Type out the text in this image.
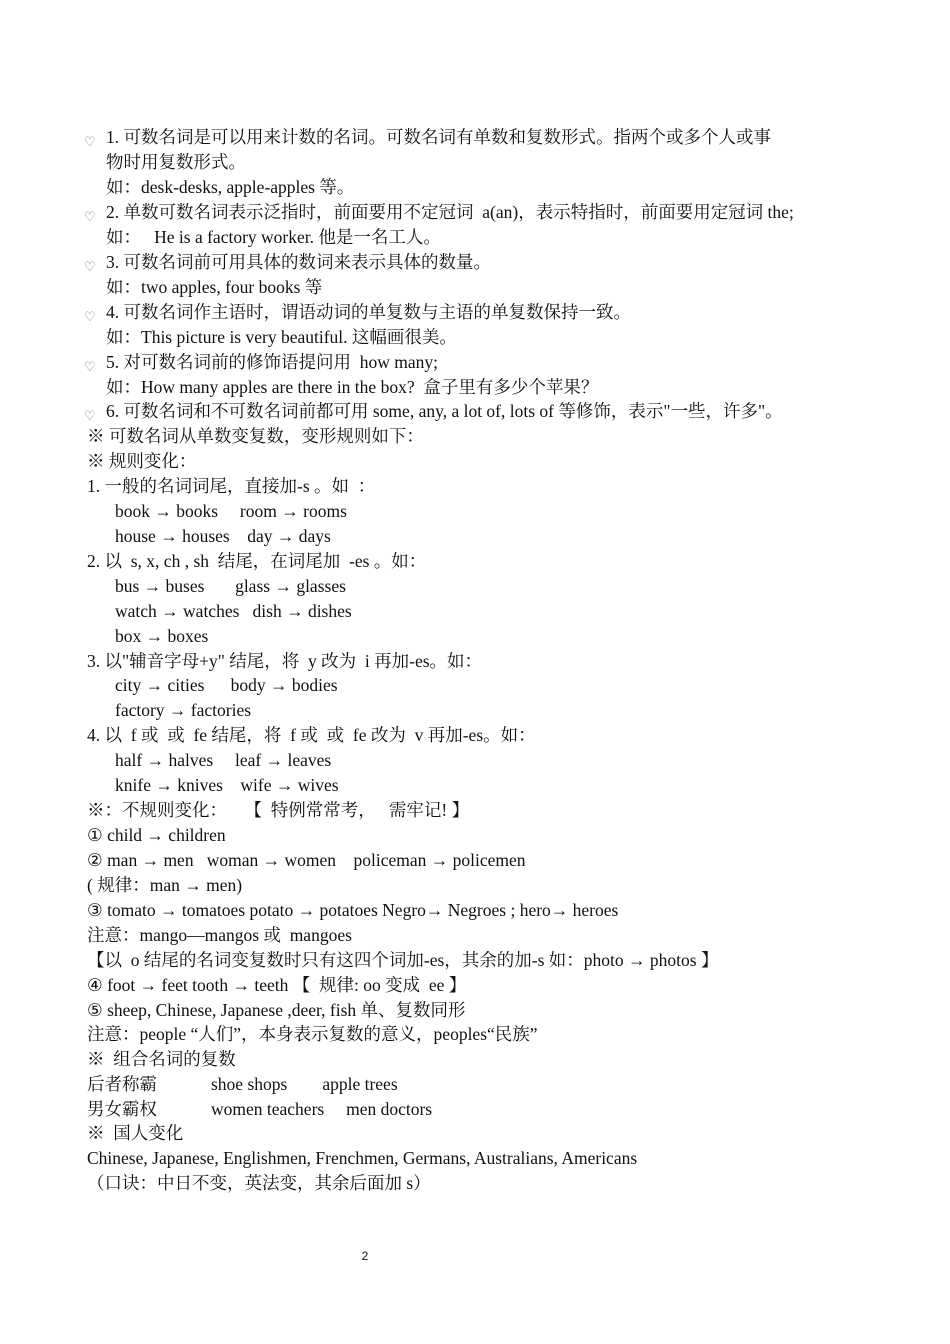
♡ 1. 可数名词是可以用来计数的名词。可数名词有单数和复数形式。指两个或多个人或事
物时用复数形式。
如：desk-desks, apple-apples 等。
♡ 2. 单数可数名词表示泛指时，前面要用不定冠词  a(an)，表示特指时，前面要用定冠词 the;
如：   He is a factory worker. 他是一名工人。
♡ 3. 可数名词前可用具体的数词来表示具体的数量。
如：two apples, four books 等
♡ 4. 可数名词作主语时，谓语动词的单复数与主语的单复数保持一致。
如：This picture is very beautiful. 这幅画很美。
♡ 5. 对可数名词前的修饰语提问用  how many;
如：How many apples are there in the box?  盒子里有多少个苹果？
♡ 6. 可数名词和不可数名词前都可用 some, any, a lot of, lots of 等修饰，表示"一些，许多"。
※ 可数名词从单数变复数，变形规则如下：
※ 规则变化：
1. 一般的名词词尾，直接加-s 。如  ：
book → books     room → rooms
house → houses    day → days
2. 以  s, x, ch , sh  结尾，在词尾加  -es 。如：
bus → buses       glass → glasses
watch → watches   dish → dishes
box → boxes
3. 以"辅音字母+y" 结尾，将  y 改为  i 再加-es。如：
city → cities      body → bodies
factory → factories
4. 以  f 或  或  fe 结尾，将  f 或  或  fe 改为  v 再加-es。如：
half → halves     leaf → leaves
knife → knives    wife → wives
※：不规则变化：    【  特例常常考，   需牢记! 】
① child → children
② man → men   woman → women    policeman → policemen
( 规律：man → men)
③ tomato → tomatoes potato → potatoes Negro→ Negroes ; hero→ heroes
注意：mango—mangos 或  mangoes
【以  o 结尾的名词变复数时只有这四个词加-es，其余的加-s 如：photo → photos 】
④ foot → feet tooth → teeth 【  规律: oo 变成  ee 】
⑤ sheep, Chinese, Japanese ,deer, fish 单、复数同形
注意：people “人们”，本身表示复数的意义，peoples“民族”
※  组合名词的复数
后者称霸	shoe shops        apple trees
男女霸权	women teachers     men doctors
※  国人变化
Chinese, Japanese, Englishmen, Frenchmen, Germans, Australians, Americans
（口诀：中日不变，英法变，其余后面加 s）
2
